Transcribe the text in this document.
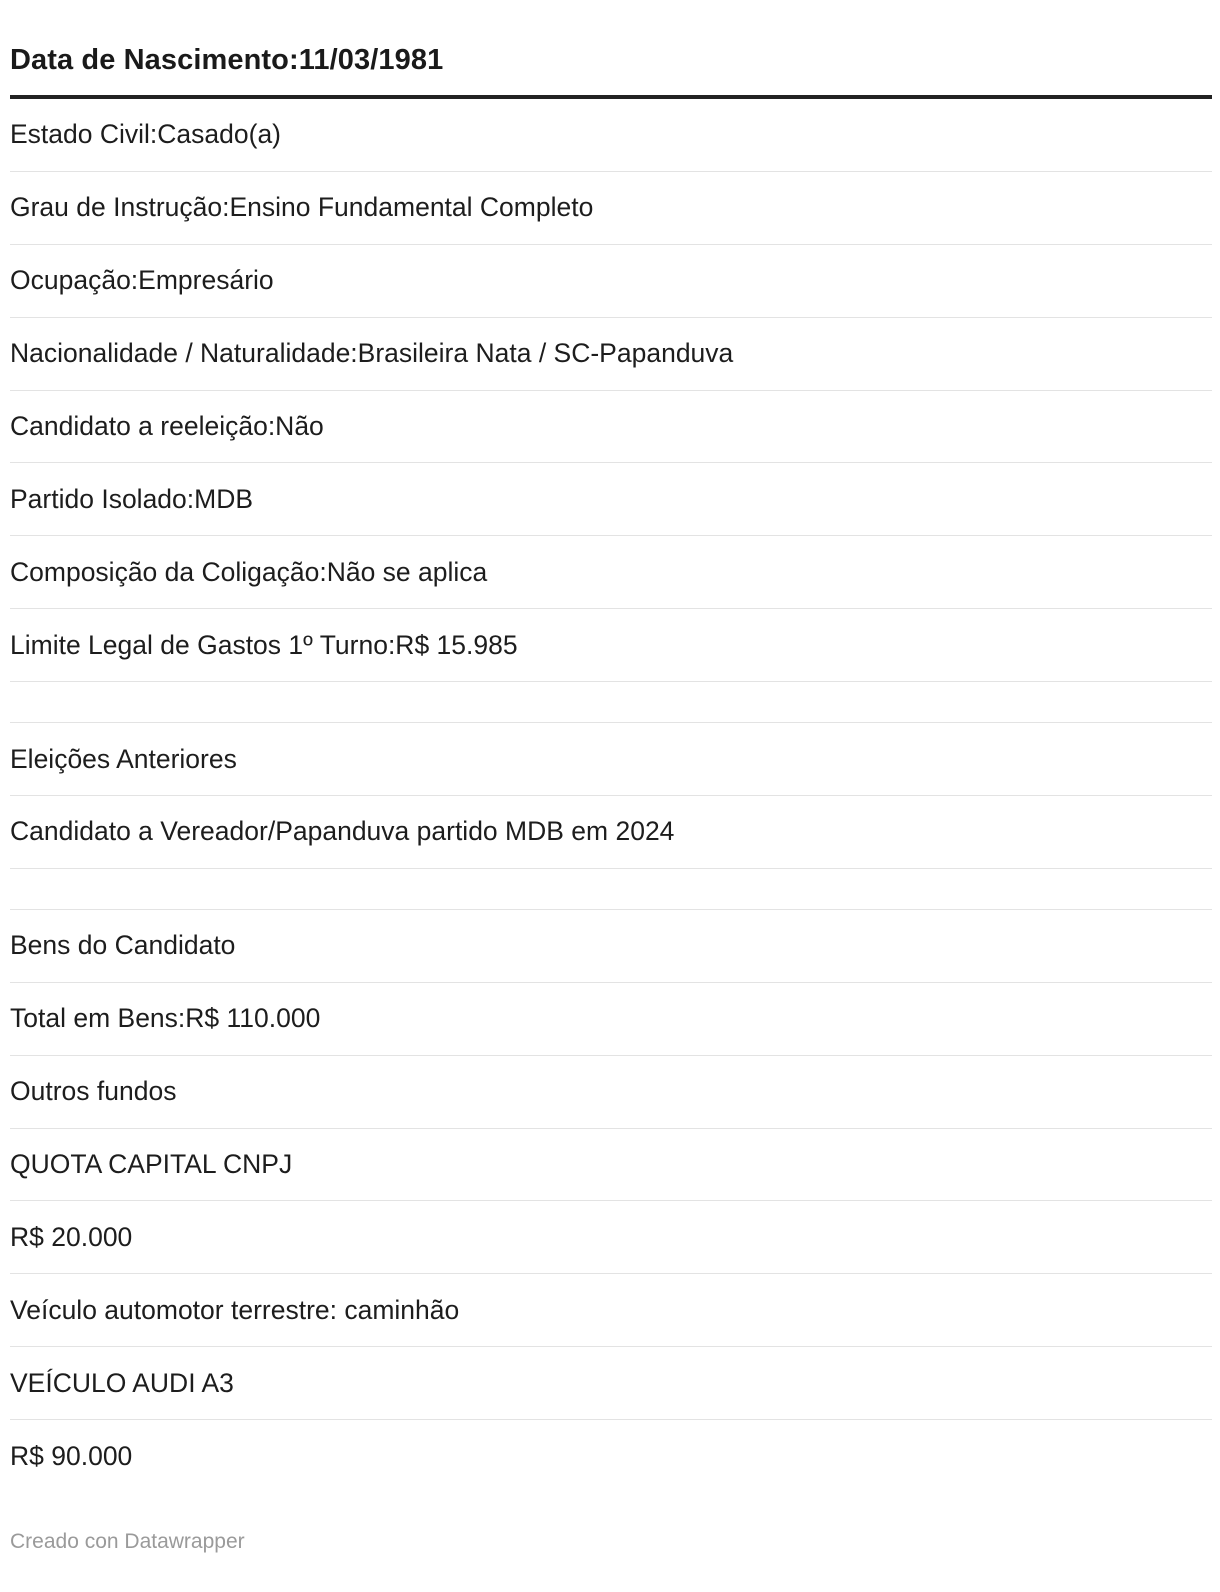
Data de Nascimento:11/03/1981
Estado Civil:Casado(a)
Grau de Instrução:Ensino Fundamental Completo
Ocupação:Empresário
Nacionalidade / Naturalidade:Brasileira Nata / SC-Papanduva
Candidato a reeleição:Não
Partido Isolado:MDB
Composição da Coligação:Não se aplica
Limite Legal de Gastos 1º Turno:R$ 15.985
Eleições Anteriores
Candidato a Vereador/Papanduva partido MDB em 2024
Bens do Candidato
Total em Bens:R$ 110.000
Outros fundos
QUOTA CAPITAL CNPJ
R$ 20.000
Veículo automotor terrestre: caminhão
VEÍCULO AUDI A3
R$ 90.000
Creado con Datawrapper
